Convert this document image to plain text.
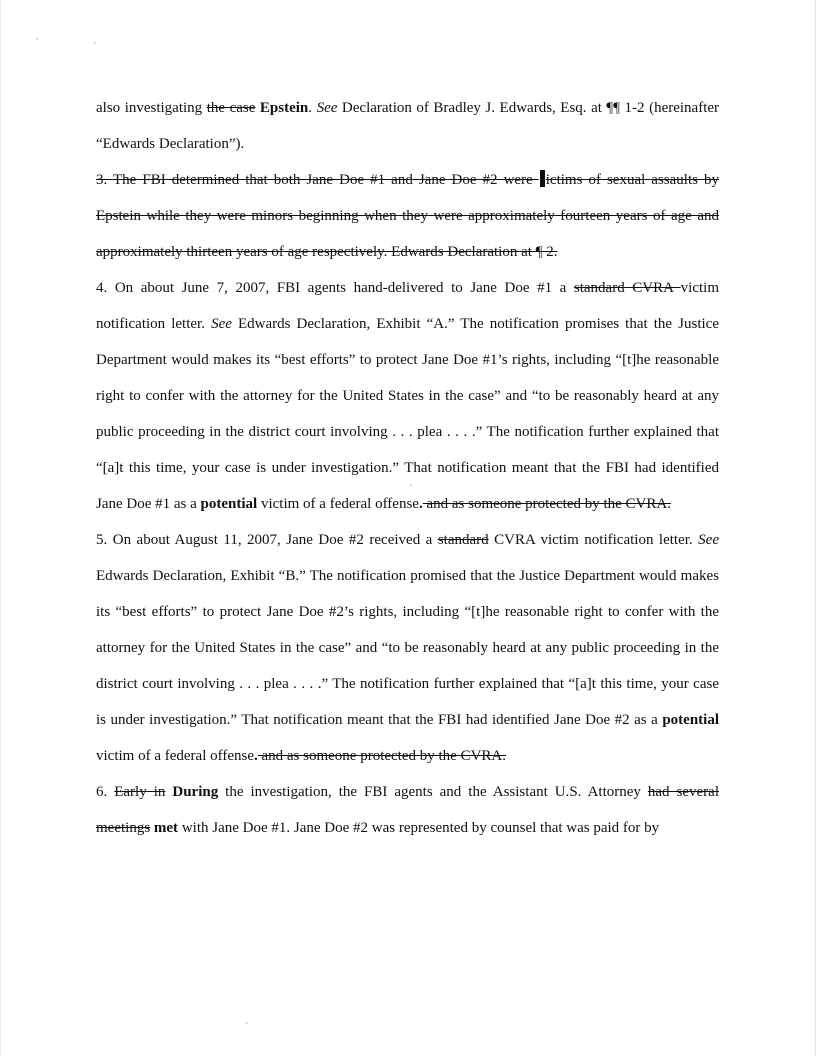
also investigating the case Epstein. See Declaration of Bradley J. Edwards, Esq. at ¶¶ 1-2 (hereinafter “Edwards Declaration”).

3. The FBI determined that both Jane Doe #1 and Jane Doe #2 were ictims of sexual assaults by Epstein while they were minors beginning when they were approximately fourteen years of age and approximately thirteen years of age respectively. Edwards Declaration at ¶ 2.

4. On about June 7, 2007, FBI agents hand-delivered to Jane Doe #1 a standard CVRA victim notification letter. See Edwards Declaration, Exhibit “A.” The notification promises that the Justice Department would makes its “best efforts” to protect Jane Doe #1’s rights, including “[t]he reasonable right to confer with the attorney for the United States in the case” and “to be reasonably heard at any public proceeding in the district court involving . . . plea . . . .” The notification further explained that “[a]t this time, your case is under investigation.” That notification meant that the FBI had identified Jane Doe #1 as a potential victim of a federal offense. and as someone protected by the CVRA.

5. On about August 11, 2007, Jane Doe #2 received a standard CVRA victim notification letter. See Edwards Declaration, Exhibit “B.” The notification promised that the Justice Department would makes its “best efforts” to protect Jane Doe #2’s rights, including “[t]he reasonable right to confer with the attorney for the United States in the case” and “to be reasonably heard at any public proceeding in the district court involving . . . plea . . . .” The notification further explained that “[a]t this time, your case is under investigation.” That notification meant that the FBI had identified Jane Doe #2 as a potential victim of a federal offense. and as someone protected by the CVRA.

6. Early in During the investigation, the FBI agents and the Assistant U.S. Attorney had several meetings met with Jane Doe #1. Jane Doe #2 was represented by counsel that was paid for by
